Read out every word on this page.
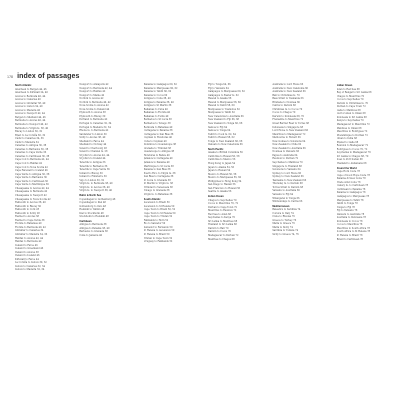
178 index of passages
North Atlantic
Aberdeen to Bergen 44, 46
Aberdeen to Kirkwall 24, 40
Azores to Bermuda 40, 44
Azores to Canaries 40
Azores to Gibraltar 38, 40
Azores to Lisbon 34, 40
Azores to Madeira 40
Azores to Newport 42, 44
Bergen to Shetland 44, 46
Bermuda to Azores 40, 44
Bermuda to Newport 40, 42
Bermuda to Virgin Is. 38, 40
Biscay to Lisbon 30, 32
Brest to La Coruña 30, 32
Cádiz to Canaries 34, 36
Cádiz to Madeira 34
Canaries to Antigua 36, 38
Canaries to Barbados 36, 38
Canaries to Cape Verde 36
Canaries to Caribbean 36, 38
Cape Cod to Bermuda 42, 44
Cape Cod to Halifax 42
Cape Cod to Nova Scotia 42
Cape Farewell to Iceland 46
Cape Verde to Antigua 36, 38
Cape Verde to Barbados 36
Cape Verde to Caribbean 36
Cape Verde to Martinique 36
Chesapeake to Azores 42, 44
Chesapeake to Bermuda 42
Chesapeake to Newport 42
Chesapeake to Nova Scotia 42
Falmouth to Azores 38, 40
Falmouth to Biscay 30
Falmouth to Cork 28
Falmouth to Scilly 28
Fastnet to Azores 38
Fastnet to Cape Verde 38
Florida to Bahamas 40
Florida to Bermuda 40, 42
Gibraltar to Canaries 34
Gibraltar to Madeira 34, 36
Halifax to Azores 42, 44
Halifax to Bermuda 42
Iceland to Faroe 46
Iceland to Greenland 46
Ireland to Azores 38
Ireland to Iceland 46
Kirkwall to Faroe 44
La Coruña to Lisbon 30, 32
Lisbon to Canaries 32, 34
Lisbon to Madeira 32, 34
Newport to Annapolis 42
Newport to Bermuda 42, 44
Newport to Halifax 42
Newport to Maine 42
Norfolk to Azores 42
Norfolk to Bermuda 40, 42
Nova Scotia to Azores 42
Nova Scotia to Ireland 44
Plymouth to Azores 38
Plymouth to Biscay 30
Portland to Bermuda 42
Portugal to Canaries 32, 34
Portugal to Madeira 32, 34
Rhode Is. to Bermuda 42
Santander to Lisbon 30
Scilly to Azores 38, 40
Shetland to Faroe 44
Shetland to Norway 44
Solent to Cherbourg 28
Solent to Channel Is. 28
St John's to Azores 42, 44
St John's to Ireland 44
Tenerife to Antigua 36
Tenerife to Barbados 36
Tenerife to Cape Verde 36
Ushant to Biscay 30
Ushant to Finisterre 30
Vigo to Lisbon 30, 32
Virgin Is. to Bermuda 38, 40
Virgin Is. to Azores 38, 40
Virgin Is. to Newport 38, 40
Baltic & North Sea
Copenhagen to Gothenburg 48
Copenhagen to Kiel 48
Gothenburg to Oslo 48
Helsinki to Tallinn 48
Kiel to Stockholm 48
Stockholm to Helsinki 48
Caribbean
Antigua to Bermuda 38
Antigua to Panama 38, 40
Barbados to Grenada 38
Cuba to Jamaica 40
Panama to Galápagos 60, 62
Panama to Marquesas 60, 62
Panama to Tahiti 60, 62
Panama to Cocos 60
Antigua to Cuba 38, 40
Antigua to Panama 38, 40
Antigua to St Martin 38
Bahamas to Cuba 40
Bahamas to Florida 40
Bahamas to Turks 40
Barbados to St Lucia 38
Barbados to Tobago 38
Bermuda to Bahamas 40
Cartagena to Panama 38
Cartagena to San Blas 38
Cayman to Honduras 40
Cuba to Cayman 40
Dominica to Guadeloupe 38
Grenada to Trinidad 38
Guadeloupe to Antigua 38
Honduras to Belize 40
Jamaica to Cartagena 40
Jamaica to Panama 40
Martinique to St Lucia 38
Panama to San Blas 38
Puerto Rico to Virgin Is. 38
San Blas to Cartagena 38
St Lucia to Grenada 38
St Martin to Virgin Is. 38
Trinidad to Venezuela 38
Tobago to Grenada 38
Virgin Is. to Bahamas 38
South Atlantic
Ascension to Brazil 50
Ascension to St Helena 50
Cape Town to Brazil 50, 52
Cape Town to St Helena 50
Cape Town to Tristan 52
Falklands to Horn 52
Rio to Salvador 50
Salvador to Fernando 50
St Helena to Ascension 50
St Helena to Brazil 50
Tristan to Cape Town 52
Uruguay to Falklands 52
Fiji to Tonga 64, 66
Fiji to Vanuatu 64
Galápagos to Marquesas 60, 62
Galápagos to Easter Is. 62
Hawaii to Alaska 58
Hawaii to Marquesas 58, 60
Hawaii to Tahiti 58, 60
Marquesas to Tuamotus 62
Marquesas to Tahiti 62
New Caledonia to Australia 66
New Zealand to Fiji 66, 68
New Zealand to Tonga 66, 68
Samoa to Fiji 64
Samoa to Tonga 64
Tahiti to Cook Is. 62, 64
Tahiti to Hawaii 58, 62
Tonga to New Zealand 66, 68
Vanuatu to New Caledonia 66
North Pacific
Alaska to British Columbia 56
California to Hawaii 56, 58
California to Mexico 56
Hong Kong to Japan 54
Japan to Alaska 54, 56
Japan to Hawaii 54
Mexico to Hawaii 56, 58
Mexico to Marquesas 56, 60
Philippines to Hong Kong 54
San Diego to Hawaii 56
San Francisco to Hawaii 56
Seattle to Alaska 56
Indian Ocean
Chagos to Seychelles 70
Cocos to Mauritius 70, 72
Durban to Cape Town 72
Mauritius to Réunion 72
Red Sea to Aden 68
Seychelles to Kenya 70
Sri Lanka to Maldives 68
Thailand to Sri Lanka 68
Darwin to Bali 70
Darwin to Cocos 70
Madagascar to Durban 72
Maldives to Chagos 68
Australia to Lord Howe 66
Australia to New Caledonia 66
Australia to New Zealand 66
Bali to Christmas Is. 70
Bass Strait to Tasmania 66
Brisbane to Noumea 66
Cairns to Darwin 68
Christmas Is. to Cocos 70
Cocos to Chagos 70
Darwin to Indonesia 68, 70
Fremantle to Mauritius 72
Great Barrier Reef to Torres 68
Indonesia to Singapore 68
Lord Howe to New Zealand 66
Mauritius to Madagascar 72
Melbourne to Hobart 66
New Guinea to Solomons 64
New Zealand to Chile 62
New Zealand to Australia 66
Noumea to Vanuatu 66
Papua to Australia 64
Réunion to Durban 72
Seychelles to Maldives 70
Singapore to Thailand 68
Solomons to Vanuatu 64
Sydney to Lord Howe 66
Sydney to New Zealand 66
Tasmania to New Zealand 66
Thursday Is. to Darwin 68
Torres Strait to Darwin 68
Vanuatu to Australia 66
Vanuatu to Fiji 64
Whangarei to Tonga 66
Whitsundays to Cairns 66
Mediterranean
Balearics to Sardinia 74
Corsica to Italy 74
Crete to Rhodes 76
Greece to Turkey 76
Malta to Greece 76
Malta to Sicily 74
Sardinia to Tunisia 74
Sicily to Greece 74, 76
Indian Ocean
Aden to Red Sea 68
Bay of Bengal to Sri Lanka 68
Chagos to Mauritius 70
Cocos to Seychelles 70
Darwin to Christmas Is. 70
Durban to Cape Town 72
Galle to Maldives 68
Gulf of Aden to Oman 68
Indonesia to Sri Lanka 68
Kenya to Seychelles 70
Madagascar to Mauritius 72
Maldives to Oman 68
Mauritius to Rodrigues 72
Mozambique to Durban 72
Oman to India 68
Phuket to Galle 68
Réunion to Madagascar 72
Rodrigues to Cocos 70, 72
Seychelles to Madagascar 70
Sri Lanka to Chagos 68, 70
Suez to Port Sudan 68
Thailand to Andamans 68
Round the World
Cape Horn route 78
Cape of Good Hope route 78
Panama & Suez route 78
Trade wind route 78
Canary Is. to Caribbean 78
Caribbean to Panama 78
Panama to Galápagos 78
Galápagos to Marquesas 78
Marquesas to Tahiti 78
Tahiti to Tonga 78
Tonga to Fiji 78
Fiji to Vanuatu 78
Vanuatu to Australia 78
Australia to Indonesia 78
Indonesia to Cocos 78
Cocos to Mauritius 78
Mauritius to South Africa 78
South Africa to St Helena 78
St Helena to Brazil 78
Brazil to Caribbean 78
